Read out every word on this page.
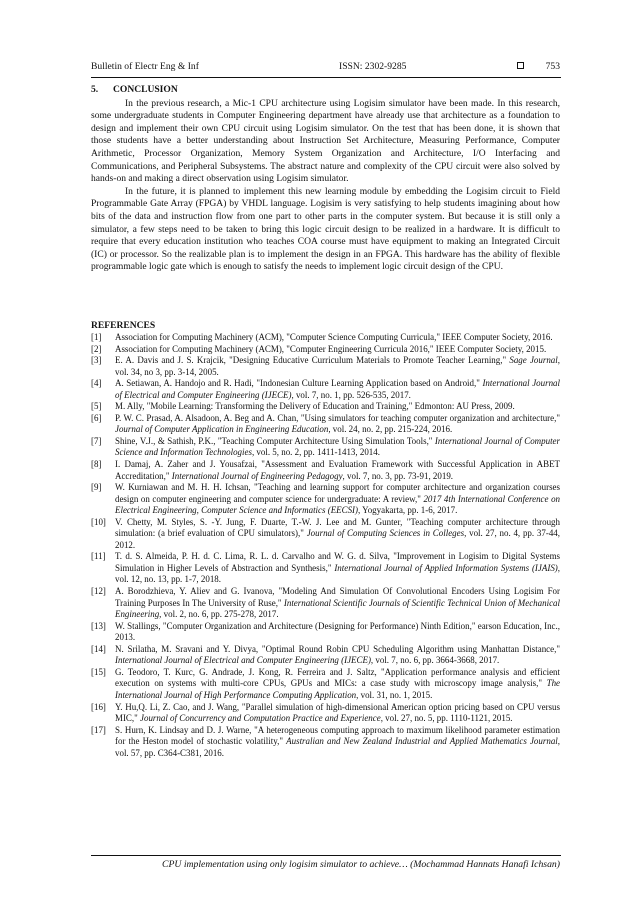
Bulletin of Electr Eng & Inf	ISSN: 2302-9285	753
5. CONCLUSION

In the previous research, a Mic-1 CPU architecture using Logisim simulator have been made. In this research, some undergraduate students in Computer Engineering department have already use that architecture as a foundation to design and implement their own CPU circuit using Logisim simulator. On the test that has been done, it is shown that those students have a better understanding about Instruction Set Architecture, Measuring Performance, Computer Arithmetic, Processor Organization, Memory System Organization and Architecture, I/O Interfacing and Communications, and Peripheral Subsystems. The abstract nature and complexity of the CPU circuit were also solved by hands-on and making a direct observation using Logisim simulator.

In the future, it is planned to implement this new learning module by embedding the Logisim circuit to Field Programmable Gate Array (FPGA) by VHDL language. Logisim is very satisfying to help students imagining about how bits of the data and instruction flow from one part to other parts in the computer system. But because it is still only a simulator, a few steps need to be taken to bring this logic circuit design to be realized in a hardware. It is difficult to require that every education institution who teaches COA course must have equipment to making an Integrated Circuit (IC) or processor. So the realizable plan is to implement the design in an FPGA. This hardware has the ability of flexible programmable logic gate which is enough to satisfy the needs to implement logic circuit design of the CPU.

REFERENCES
[1] Association for Computing Machinery (ACM), "Computer Science Computing Curricula," IEEE Computer Society, 2016.
[2] Association for Computing Machinery (ACM), "Computer Engineering Curricula 2016," IEEE Computer Society, 2015.
[3] E. A. Davis and J. S. Krajcik, "Designing Educative Curriculum Materials to Promote Teacher Learning," Sage Journal, vol. 34, no 3, pp. 3-14, 2005.
[4] A. Setiawan, A. Handojo and R. Hadi, "Indonesian Culture Learning Application based on Android," International Journal of Electrical and Computer Engineering (IJECE), vol. 7, no. 1, pp. 526-535, 2017.
[5] M. Ally, "Mobile Learning: Transforming the Delivery of Education and Training," Edmonton: AU Press, 2009.
[6] P. W. C. Prasad, A. Alsadoon, A. Beg and A. Chan, "Using simulators for teaching computer organization and architecture," Journal of Computer Application in Engineering Education, vol. 24, no. 2, pp. 215-224, 2016.
[7] Shine, V.J., & Sathish, P.K., "Teaching Computer Architecture Using Simulation Tools," International Journal of Computer Science and Information Technologies, vol. 5, no. 2, pp. 1411-1413, 2014.
[8] I. Damaj, A. Zaher and J. Yousafzai, "Assessment and Evaluation Framework with Successful Application in ABET Accreditation," International Journal of Engineering Pedagogy, vol. 7, no. 3, pp. 73-91, 2019.
[9] W. Kurniawan and M. H. H. Ichsan, "Teaching and learning support for computer architecture and organization courses design on computer engineering and computer science for undergraduate: A review," 2017 4th International Conference on Electrical Engineering, Computer Science and Informatics (EECSI), Yogyakarta, pp. 1-6, 2017.
[10] V. Chetty, M. Styles, S. -Y. Jung, F. Duarte, T.-W. J. Lee and M. Gunter, "Teaching computer architecture through simulation: (a brief evaluation of CPU simulators)," Journal of Computing Sciences in Colleges, vol. 27, no. 4, pp. 37-44, 2012.
[11] T. d. S. Almeida, P. H. d. C. Lima, R. L. d. Carvalho and W. G. d. Silva, "Improvement in Logisim to Digital Systems Simulation in Higher Levels of Abstraction and Synthesis," International Journal of Applied Information Systems (IJAIS), vol. 12, no. 13, pp. 1-7, 2018.
[12] A. Borodzhieva, Y. Aliev and G. Ivanova, "Modeling And Simulation Of Convolutional Encoders Using Logisim For Training Purposes In The University of Ruse," International Scientific Journals of Scientific Technical Union of Mechanical Engineering, vol. 2, no. 6, pp. 275-278, 2017.
[13] W. Stallings, "Computer Organization and Architecture (Designing for Performance) Ninth Edition," earson Education, Inc., 2013.
[14] N. Srilatha, M. Sravani and Y. Divya, "Optimal Round Robin CPU Scheduling Algorithm using Manhattan Distance," International Journal of Electrical and Computer Engineering (IJECE), vol. 7, no. 6, pp. 3664-3668, 2017.
[15] G. Teodoro, T. Kurc, G. Andrade, J. Kong, R. Ferreira and J. Saltz, "Application performance analysis and efficient execution on systems with multi-core CPUs, GPUs and MICs: a case study with microscopy image analysis," The International Journal of High Performance Computing Application, vol. 31, no. 1, 2015.
[16] Y. Hu,Q. Li, Z. Cao, and J. Wang, "Parallel simulation of high-dimensional American option pricing based on CPU versus MIC," Journal of Concurrency and Computation Practice and Experience, vol. 27, no. 5, pp. 1110-1121, 2015.
[17] S. Hurn, K. Lindsay and D. J. Warne, "A heterogeneous computing approach to maximum likelihood parameter estimation for the Heston model of stochastic volatility," Australian and New Zealand Industrial and Applied Mathematics Journal, vol. 57, pp. C364-C381, 2016.
CPU implementation using only logisim simulator to achieve… (Mochammad Hannats Hanafi Ichsan)
